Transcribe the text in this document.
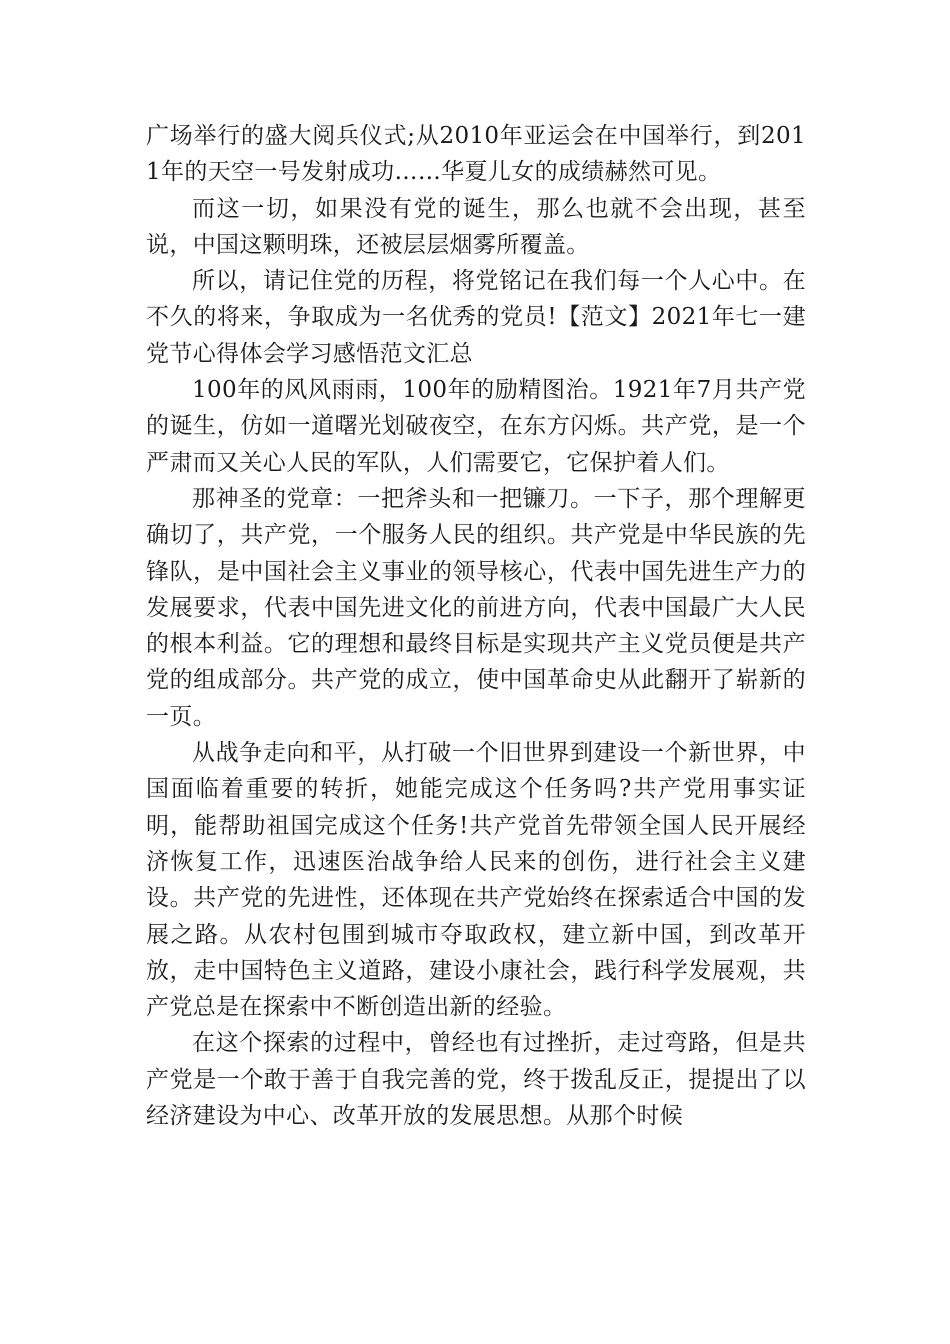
广场举行的盛大阅兵仪式;从2010年亚运会在中国举行，到2011年的天空一号发射成功……华夏儿女的成绩赫然可见。

而这一切，如果没有党的诞生，那么也就不会出现，甚至说，中国这颗明珠，还被层层烟雾所覆盖。

所以，请记住党的历程，将党铭记在我们每一个人心中。在不久的将来，争取成为一名优秀的党员!【范文】2021年七一建党节心得体会学习感悟范文汇总

100年的风风雨雨，100年的励精图治。1921年7月共产党的诞生，仿如一道曙光划破夜空，在东方闪烁。共产党，是一个严肃而又关心人民的军队，人们需要它，它保护着人们。

那神圣的党章：一把斧头和一把镰刀。一下子，那个理解更确切了，共产党，一个服务人民的组织。共产党是中华民族的先锋队，是中国社会主义事业的领导核心，代表中国先进生产力的发展要求，代表中国先进文化的前进方向，代表中国最广大人民的根本利益。它的理想和最终目标是实现共产主义党员便是共产党的组成部分。共产党的成立，使中国革命史从此翻开了崭新的一页。

从战争走向和平，从打破一个旧世界到建设一个新世界，中国面临着重要的转折，她能完成这个任务吗?共产党用事实证明，能帮助祖国完成这个任务!共产党首先带领全国人民开展经济恢复工作，迅速医治战争给人民来的创伤，进行社会主义建设。共产党的先进性，还体现在共产党始终在探索适合中国的发展之路。从农村包围到城市夺取政权，建立新中国，到改革开放，走中国特色主义道路，建设小康社会，践行科学发展观，共产党总是在探索中不断创造出新的经验。

在这个探索的过程中，曾经也有过挫折，走过弯路，但是共产党是一个敢于善于自我完善的党，终于拨乱反正，提提出了以经济建设为中心、改革开放的发展思想。从那个时候
